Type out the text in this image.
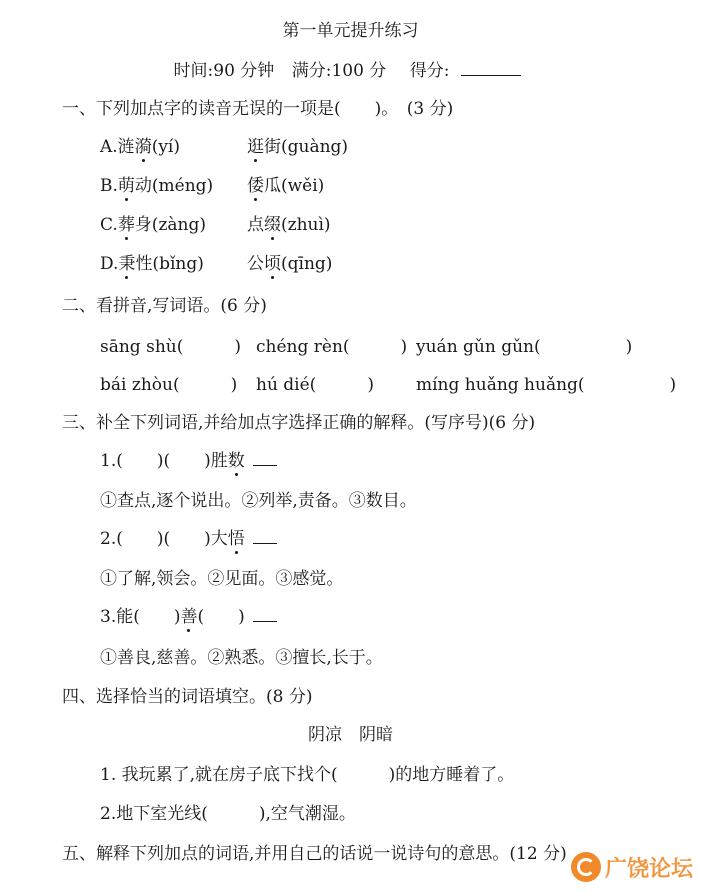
第一单元提升练习
时间:90 分钟 满分:100 分 得分:
一、下列加点字的读音无误的一项是(　　)。　(3 分)
A.涟漪(yí)	逛街(guàng)
B.萌动(méng) 倭瓜(wěi)
C.葬身(zàng) 点缀(zhuì)
D.秉性(bǐng)	公顷(qīng)
二、看拼音,写词语。(6 分)
sāng shù(　　　) chéng rèn(　　　) yuán gǔn gǔn(　　　　　)
bái zhòu(　　　) hú dié(　　　) míng huǎng huǎng(　　　　　)
三、补全下列词语,并给加点字选择正确的解释。(写序号)(6 分)
1.(　　)(　　)胜数
①查点,逐个说出。②列举,责备。③数目。
2.(　　)(　　)大悟
①了解,领会。②见面。③感觉。
3.能(　　)善(　　)
①善良,慈善。②熟悉。③擅长,长于。
四、选择恰当的词语填空。(8 分)
阴凉　阴暗
1. 我玩累了,就在房子底下找个(　　　)的地方睡着了。
2.地下室光线(　　　),空气潮湿。
五、解释下列加点的词语,并用自己的话说一说诗句的意思。(12 分)
广饶论坛
